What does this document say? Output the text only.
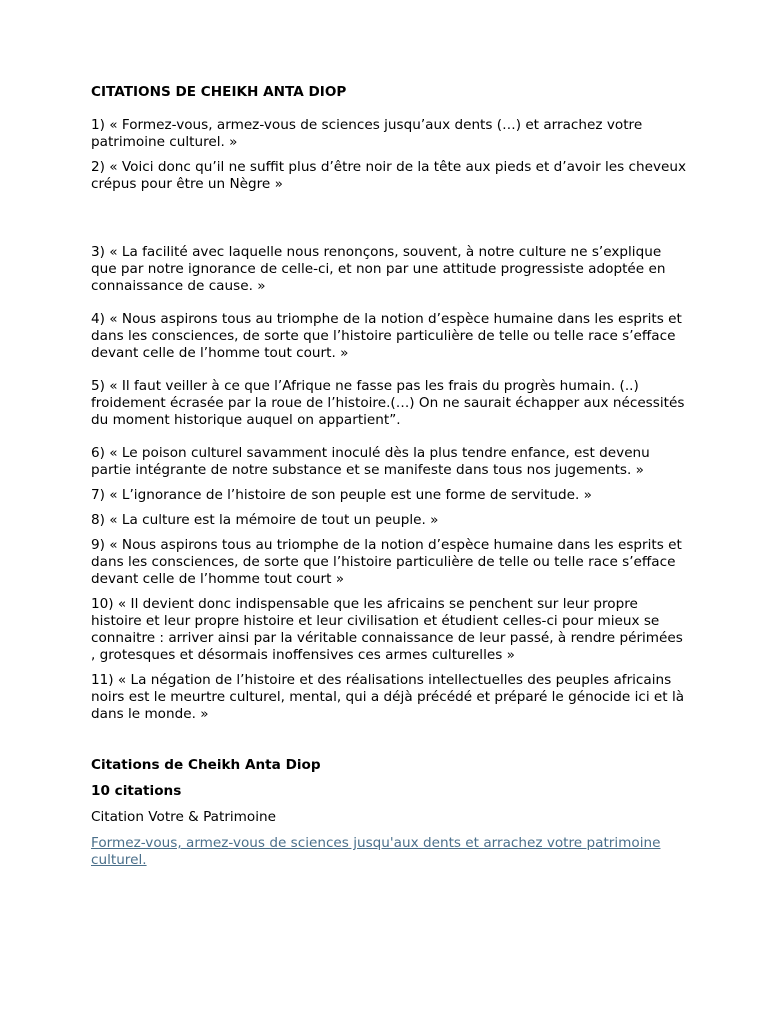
CITATIONS DE CHEIKH ANTA DIOP

1) « Formez-vous, armez-vous de sciences jusqu’aux dents (…) et arrachez votre patrimoine culturel. »

2) « Voici donc qu’il ne suffit plus d’être noir de la tête aux pieds et d’avoir les cheveux crépus pour être un Nègre »

3) « La facilité avec laquelle nous renonçons, souvent, à notre culture ne s’explique que par notre ignorance de celle-ci, et non par une attitude progressiste adoptée en connaissance de cause. »

4) « Nous aspirons tous au triomphe de la notion d’espèce humaine dans les esprits et dans les consciences, de sorte que l’histoire particulière de telle ou telle race s’efface devant celle de l’homme tout court. »

5) « Il faut veiller à ce que l’Afrique ne fasse pas les frais du progrès humain. (..) froidement écrasée par la roue de l’histoire.(…) On ne saurait échapper aux nécessités du moment historique auquel on appartient”.

6) « Le poison culturel savamment inoculé dès la plus tendre enfance, est devenu partie intégrante de notre substance et se manifeste dans tous nos jugements. »

7) « L’ignorance de l’histoire de son peuple est une forme de servitude. »

8) « La culture est la mémoire de tout un peuple. »

9) « Nous aspirons tous au triomphe de la notion d’espèce humaine dans les esprits et dans les consciences, de sorte que l’histoire particulière de telle ou telle race s’efface devant celle de l’homme tout court »

10) « Il devient donc indispensable que les africains se penchent sur leur propre histoire et leur propre histoire et leur civilisation et étudient celles-ci pour mieux se connaitre : arriver ainsi par la véritable connaissance de leur passé, à rendre périmées , grotesques et désormais inoffensives ces armes culturelles »

11) « La négation de l’histoire et des réalisations intellectuelles des peuples africains noirs est le meurtre culturel, mental, qui a déjà précédé et préparé le génocide ici et là dans le monde. »

Citations de Cheikh Anta Diop

10 citations

Citation Votre & Patrimoine

Formez-vous, armez-vous de sciences jusqu'aux dents et arrachez votre patrimoine culturel.
